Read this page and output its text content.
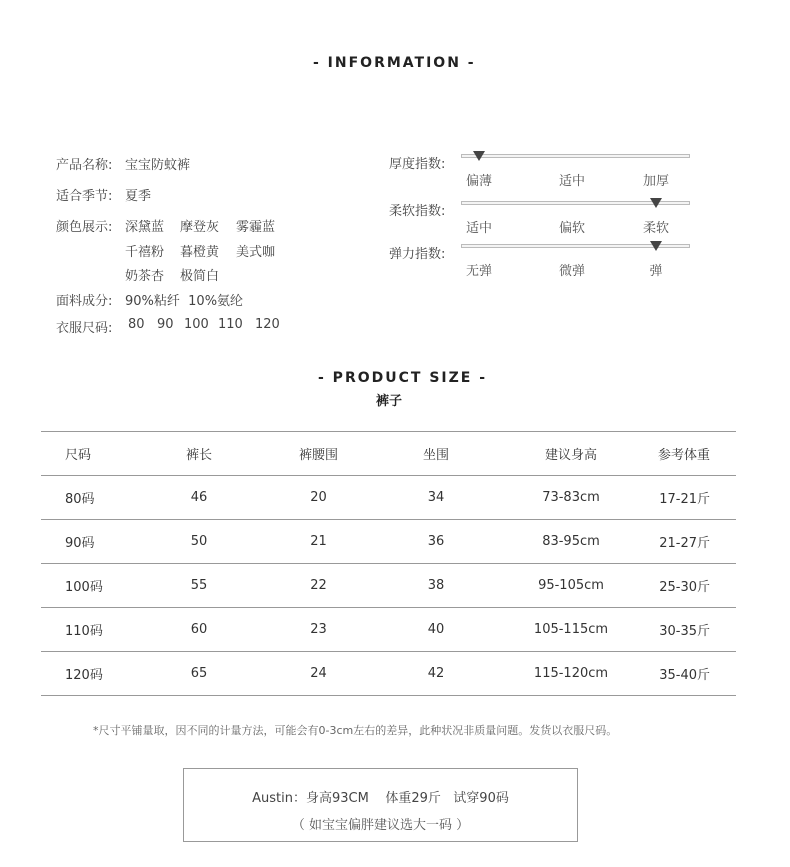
- INFORMATION -
产品名称: 宝宝防蚊裤
适合季节: 夏季
颜色展示: 深黛蓝 摩登灰 雾霾蓝
千禧粉 暮橙黄 美式咖
奶茶杏 极简白
面料成分: 90%粘纤  10%氨纶
衣服尺码: 80 90 100 110 120
厚度指数:
偏薄	适中	加厚
柔软指数:
适中	偏软	柔软
弹力指数:
无弹	微弹	弹
- PRODUCT SIZE -
裤子
尺码	裤长	裤腰围	坐围	建议身高	参考体重
80码	46	20	34	73-83cm	17-21斤
90码	50	21	36	83-95cm	21-27斤
100码	55	22	38	95-105cm	25-30斤
110码	60	23	40	105-115cm	30-35斤
120码	65	24	42	115-120cm	35-40斤
*尺寸平铺量取，因不同的计量方法，可能会有0-3cm左右的差异，此种状况非质量问题。发货以衣服尺码。
Austin：身高93CM    体重29斤   试穿90码
（ 如宝宝偏胖建议选大一码 ）
